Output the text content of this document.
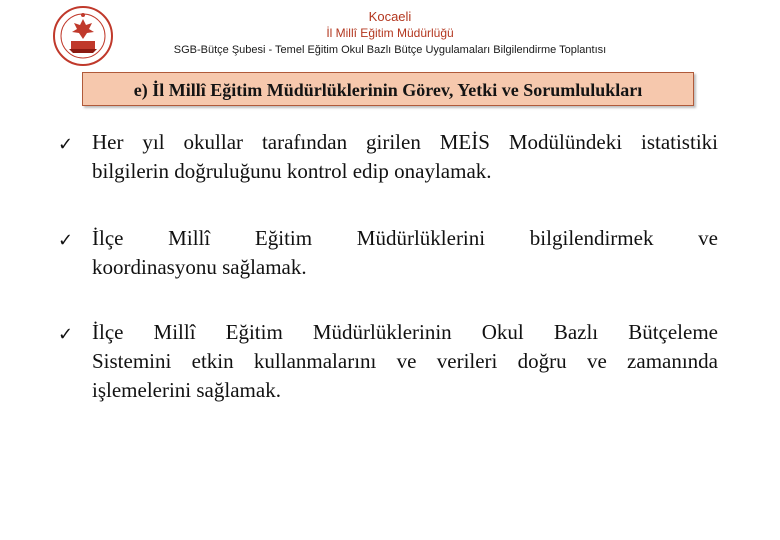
Kocaeli
İl Millî Eğitim Müdürlüğü
SGB-Bütçe Şubesi - Temel Eğitim Okul Bazlı Bütçe Uygulamaları Bilgilendirme Toplantısı
e) İl Millî Eğitim Müdürlüklerinin Görev, Yetki ve Sorumlulukları
✓ Her yıl okullar tarafından girilen MEİS Modülündeki istatistiki
bilgilerin doğruluğunu kontrol edip onaylamak.
✓ İlçe Millî Eğitim Müdürlüklerini bilgilendirmek ve
koordinasyonu sağlamak.
✓ İlçe Millî Eğitim Müdürlüklerinin Okul Bazlı Bütçeleme
Sistemini etkin kullanmalarını ve verileri doğru ve zamanında
işlemelerini sağlamak.
